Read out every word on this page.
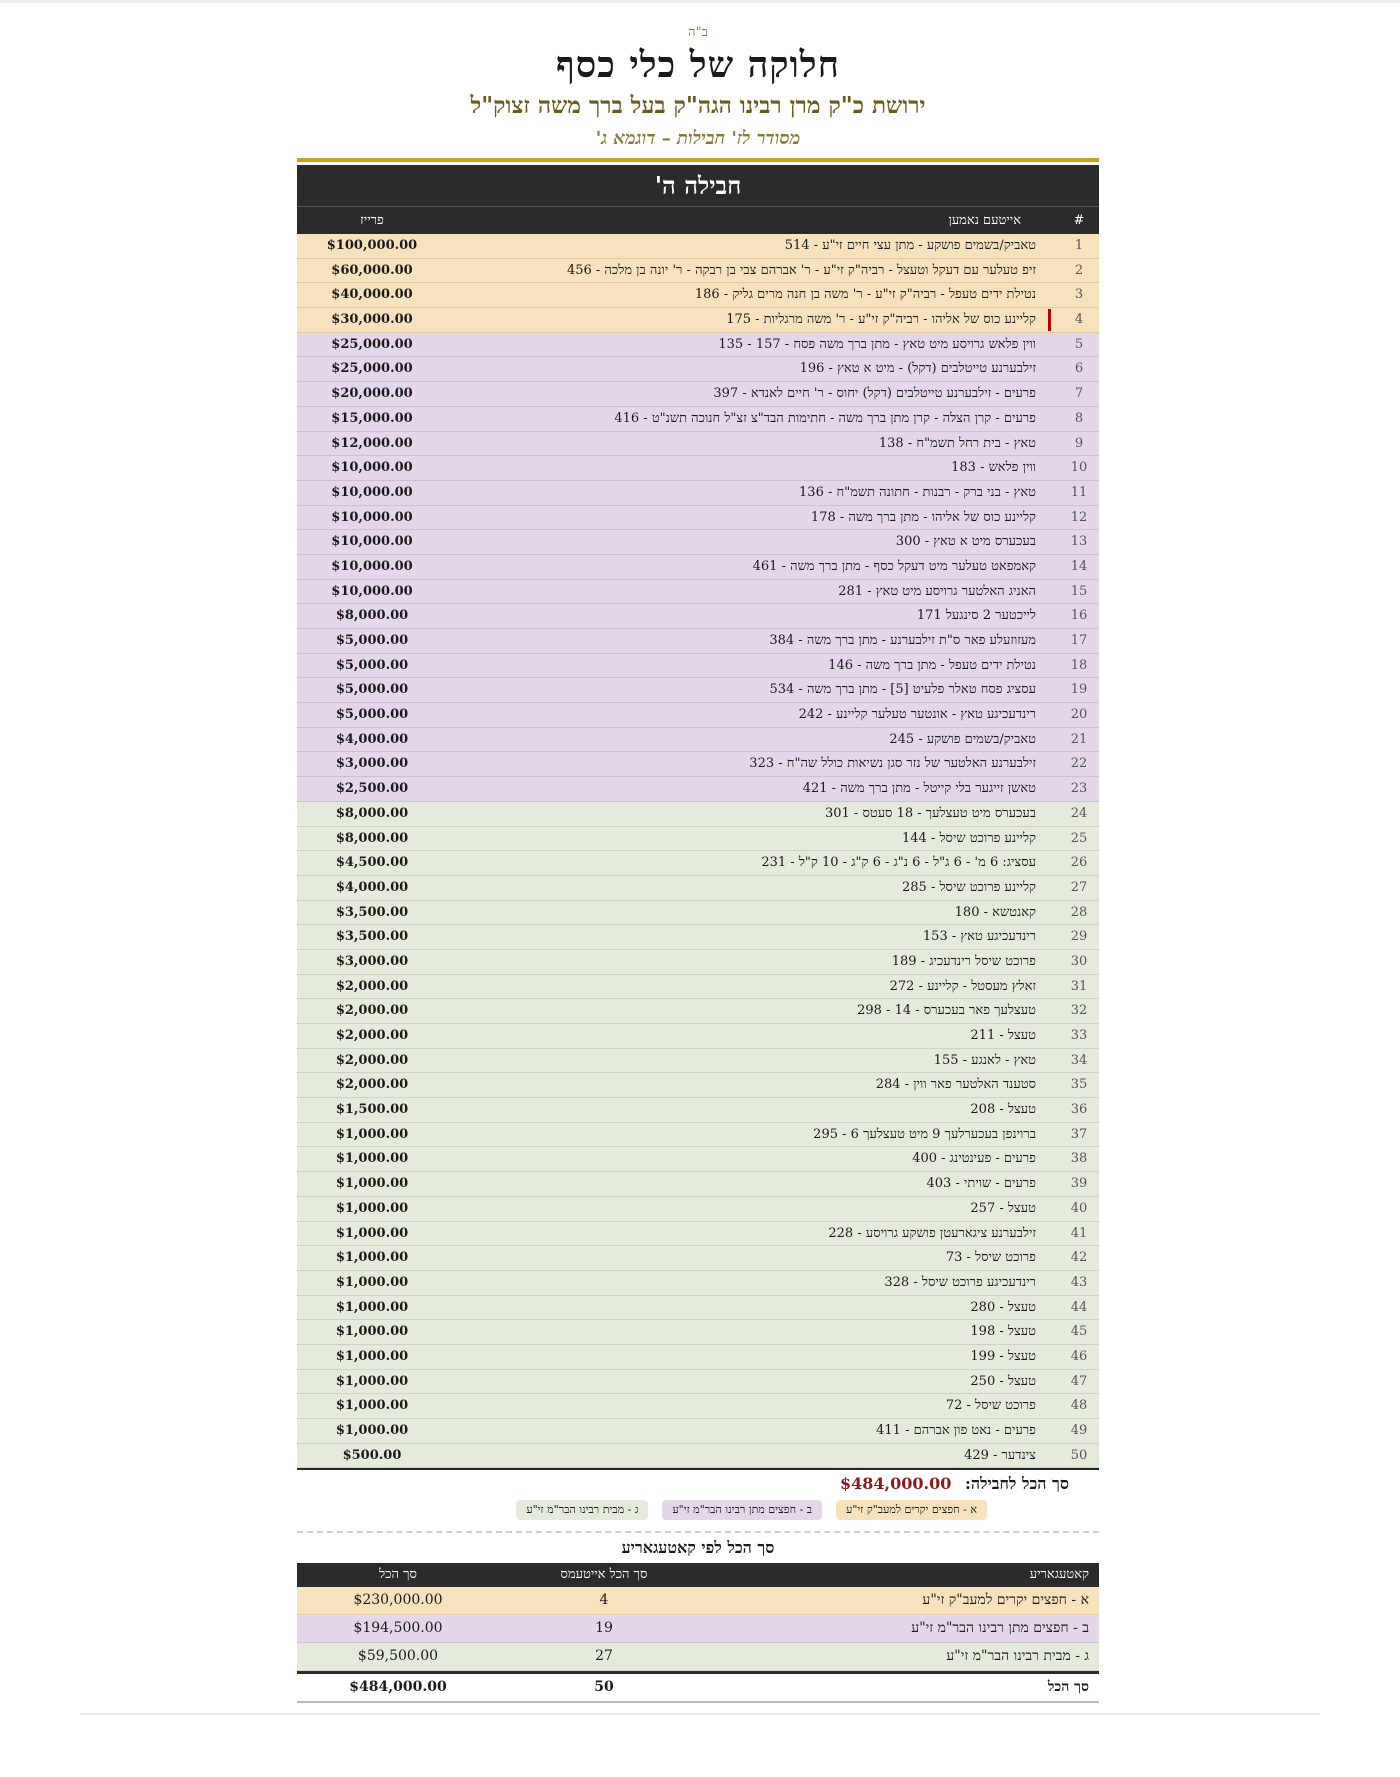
ב"ה
חלוקה של כלי כסף
ירושת כ"ק מרן רבינו הגה"ק בעל ברך משה זצוק"ל
מסודר לז' חבילות – דוגמא ג'
חבילה ה'
#
אייטעם נאמען
פרייז
1
טאביק/בשמים פושקע - מתן עצי חיים זי"ע - 514
$100,000.00
2
זיפ טעלער עם דעקל וטעצל - רביה"ק זי"ע - ר' אברהם צבי בן רבקה - ר' יונה בן מלכה - 456
$60,000.00
3
נטילת ידים טעפל - רביה"ק זי"ע - ר' משה בן חנה מרים גליק - 186
$40,000.00
4
קליינע כוס של אליהו - רביה"ק זי"ע - ר' משה מרגליות - 175
$30,000.00
5
ווין פלאש גרויסע מיט טאץ - מתן ברך משה פסח - 157 - 135
$25,000.00
6
זילבערנע טייטלבים (דקל) - מיט א טאץ - 196
$25,000.00
7
פרעים - זילבערנע טייטלבים (דקל) יחוס - ר' חיים לאנדא - 397
$20,000.00
8
פרעים - קרן הצלה - קרן מתן ברך משה - חתימות הבד"צ זצ"ל חנוכה תשנ"ט - 416
$15,000.00
9
טאץ - בית רחל תשמ"ח - 138
$12,000.00
10
ווין פלאש - 183
$10,000.00
11
טאץ - בני ברק - רבנות - חתונה תשמ"ח - 136
$10,000.00
12
קליינע כוס של אליהו - מתן ברך משה - 178
$10,000.00
13
בעכערס מיט א טאץ - 300
$10,000.00
14
קאמפאט טעלער מיט דעקל כסף - מתן ברך משה - 461
$10,000.00
15
האניג האלטער גרויסע מיט טאץ - 281
$10,000.00
16
לייכטער 2 סינגעל 171
$8,000.00
17
מעזוזעלע פאר ס"ת זילבערנע - מתן ברך משה - 384
$5,000.00
18
נטילת ידים טעפל - מתן ברך משה - 146
$5,000.00
19
עסציג פסח טאלר פלעיט [5] - מתן ברך משה - 534
$5,000.00
20
רינדעכיגע טאץ - אונטער טעלער קליינע - 242
$5,000.00
21
טאביק/בשמים פושקע - 245
$4,000.00
22
זילבערנע האלטער של נזר סגן נשיאות כולל שה"ח - 323
$3,000.00
23
טאשן זייגער בלי קייטל - מתן ברך משה - 421
$2,500.00
24
בעכערס מיט טעצלעך - 18 סעטס - 301
$8,000.00
25
קליינע פרוכט שיסל - 144
$8,000.00
26
עסציג: 6 מ' - 6 ג"ל - 6 נ"ג - 6 ק"ג - 10 ק"ל - 231
$4,500.00
27
קליינע פרוכט שיסל - 285
$4,000.00
28
קאנטשא - 180
$3,500.00
29
רינדעכיגע טאץ - 153
$3,500.00
30
פרוכט שיסל רינדעכיג - 189
$3,000.00
31
זאלץ מעסטל - קליינע - 272
$2,000.00
32
טעצלעך פאר בעכערס - 14 - 298
$2,000.00
33
טעצל - 211
$2,000.00
34
טאץ - לאנגע - 155
$2,000.00
35
סטענד האלטער פאר ווין - 284
$2,000.00
36
טעצל - 208
$1,500.00
37
ברוינפן בעכערלעך 9 מיט טעצלעך 6 - 295
$1,000.00
38
פרעים - פעינטינג - 400
$1,000.00
39
פרעים - שויתי - 403
$1,000.00
40
טעצל - 257
$1,000.00
41
זילבערנע ציגארעטן פושקע גרויסע - 228
$1,000.00
42
פרוכט שיסל - 73
$1,000.00
43
רינדעכיגע פרוכט שיסל - 328
$1,000.00
44
טעצל - 280
$1,000.00
45
טעצל - 198
$1,000.00
46
טעצל - 199
$1,000.00
47
טעצל - 250
$1,000.00
48
פרוכט שיסל - 72
$1,000.00
49
פרעים - נאט פון אברהם - 411
$1,000.00
50
צינדער - 429
$500.00
סך הכל לחבילה: $484,000.00
א - חפצים יקרים למעב"ק זי"ע
ב - חפצים מתן רבינו הבר"מ זי"ע
ג - מבית רבינו הבר"מ זי"ע
סך הכל לפי קאטעגאריע
קאטעגאריע
סך הכל אייטעמס
סך הכל
א - חפצים יקרים למעב"ק זי"ע
4
$230,000.00
ב - חפצים מתן רבינו הבר"מ זי"ע
19
$194,500.00
ג - מבית רבינו הבר"מ זי"ע
27
$59,500.00
סך הכל
50
$484,000.00
